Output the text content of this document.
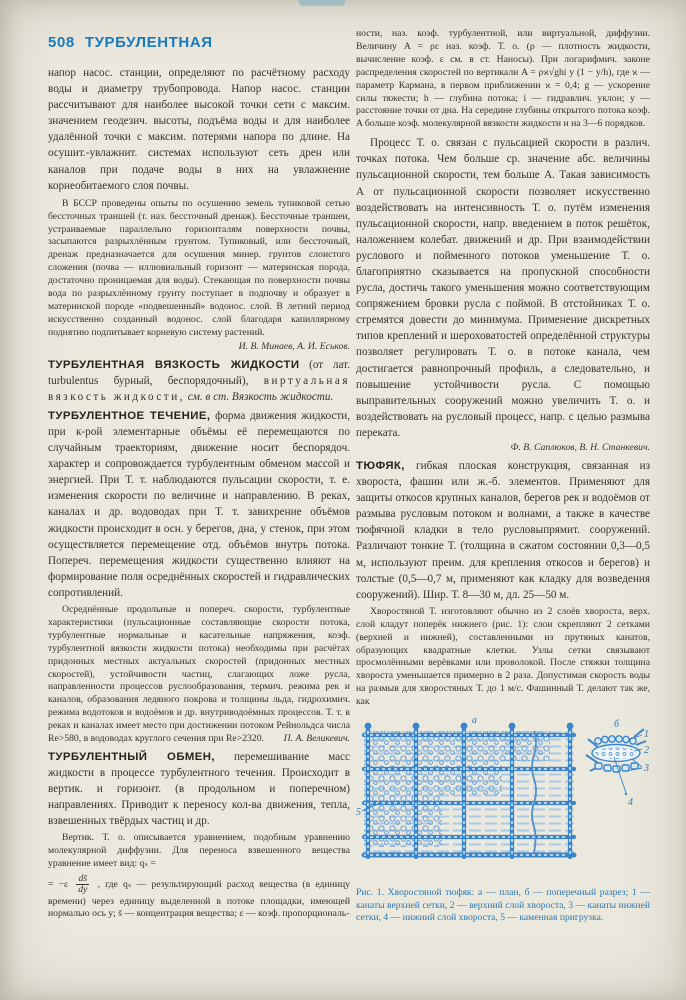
508 ТУРБУЛЕНТНАЯ

напор насос. станции, определяют по расчётному расходу воды и диаметру трубопровода. Напор насос. станции рассчитывают для наиболее высокой точки сети с максим. значением геодезич. высоты, подъёма воды и для наиболее удалённой точки с максим. потерями напора по длине. На осушит.-увлажнит. системах используют сеть дрен или каналов при подаче воды в них на увлажнение корнеобитаемого слоя почвы.

В БССР проведены опыты по осушению земель тупиковой сетью бессточных траншей (т. наз. бессточный дренаж). Бессточные траншеи, устраиваемые параллельно горизонталям поверхности почвы, засыпаются разрыхлённым грунтом. Тупиковый, или бессточный, дренаж предназначается для осушения минер. грунтов слоистого сложения (почва — иллювиальный горизонт — материнская порода, достаточно проницаемая для воды). Стекающая по поверхности почвы вода по разрыхлённому грунту поступает в подпочву и образует в материнской породе «подвешенный» водонос. слой. В летний период искусственно созданный водонос. слой благодаря капиллярному поднятию подпитывает корневую систему растений.

И. В. Минаев, А. И. Еськов.

ТУРБУЛЕНТНАЯ ВЯЗКОСТЬ ЖИДКОСТИ (от лат. turbulentus бурный, беспорядочный), виртуальная вязкость жидкости, см. в ст. Вязкость жидкости.

ТУРБУЛЕНТНОЕ ТЕЧЕНИЕ, форма движения жидкости, при к-рой элементарные объёмы её перемещаются по случайным траекториям, движение носит беспорядоч. характер и сопровождается турбулентным обменом массой и энергией. При Т. т. наблюдаются пульсации скорости, т. е. изменения скорости по величине и направлению. В реках, каналах и др. водоводах при Т. т. завихрение объёмов жидкости происходит в осн. у берегов, дна, у стенок, при этом осуществляется перемещение отд. объёмов внутрь потока. Попереч. перемещения жидкости существенно влияют на формирование поля осреднённых скоростей и гидравлических сопротивлений.

Осреднённые продольные и попереч. скорости, турбулентные характеристики (пульсационные составляющие скорости потока, турбулентные нормальные и касательные напряжения, коэф. турбулентной вязкости жидкости потока) необходимы при расчётах придонных местных актуальных скоростей (придонных местных скоростей), устойчивости частиц, слагающих ложе русла, направленности процессов руслообразования, термич. режима рек и каналов, образования ледяного покрова и толщины льда, гидрохимич. режима водотоков и водоёмов и др. внутриводоёмных процессов. Т. т. в реках и каналах имеет место при достижении потоком Рейнольдса числа Re>580, в водоводах круглого сечения при Re>2320.	П. А. Великевич.

ТУРБУЛЕНТНЫЙ ОБМЕН, перемешивание масс жидкости в процессе турбулентного течения. Происходит в вертик. и горизонт. (в продольном и поперечном) направлениях. Приводит к переносу кол-ва движения, тепла, взвешенных твёрдых частиц и др.

Вертик. Т. о. описывается уравнением, подобным уравнению молекулярной диффузии. Для переноса взвешенного вещества уравнение имеет вид: qₛ =

= $-\varepsilon \frac{ds̄}{dy}$ , где qₛ — результирующий расход вещества (в единицу времени) через единицу выделенной в потоке площадки, имеющей нормалью ось y; s̄ — концентрация вещества; ε — коэф. пропорциональ-

ности, наз. коэф. турбулентной, или виртуальной, диффузии. Величину A = ρε наз. коэф. Т. о. (ρ — плотность жидкости, вычисление коэф. ε см. в ст. Наносы). При логарифмич. законе распределения скоростей по вертикали A = ρϰ√ghi y (1 − y/h), где ϰ — параметр Кармана, в первом приближении ϰ = 0,4; g — ускорение силы тяжести; h — глубина потока; i — гидравлич. уклон; y — расстояние точки от дна. На середине глубины открытого потока коэф. A больше коэф. молекулярной вязкости жидкости и на 3—6 порядков.

Процесс Т. о. связан с пульсацией скорости в различ. точках потока. Чем больше ср. значение абс. величины пульсационной скорости, тем больше A. Такая зависимость A от пульсационной скорости позволяет искусственно воздействовать на интенсивность Т. о. путём изменения пульсационной скорости, напр. введением в поток решёток, наложением колебат. движений и др. При взаимодействии руслового и пойменного потоков уменьшение Т. о. благоприятно сказывается на пропускной способности русла, достичь такого уменьшения можно соответствующим сопряжением бровки русла с поймой. В отстойниках Т. о. стремятся довести до минимума. Применение дискретных типов креплений и шероховатостей определённой структуры позволяет регулировать Т. о. в потоке канала, чем достигается равнопрочный профиль, а следовательно, и повышение устойчивости русла. С помощью выправительных сооружений можно увеличить Т. о. и воздействовать на русловый процесс, напр. с целью размыва переката.

Ф. В. Саплюков, В. Н. Станкевич.

ТЮФЯК, гибкая плоская конструкция, связанная из хвороста, фашин или ж.-б. элементов. Применяют для защиты откосов крупных каналов, берегов рек и водоёмов от размыва русловым потоком и волнами, а также в качестве тюфячной кладки в тело русловыпрямит. сооружений. Различают тонкие Т. (толщина в сжатом состоянии 0,3—0,5 м, используют преим. для крепления откосов и берегов) и толстые (0,5—0,7 м, применяют как кладку для возведения сооружений). Шир. Т. 8—30 м, дл. 25—50 м.

Хворостяной Т. изготовляют обычно из 2 слоёв хвороста, верх. слой кладут поперёк нижнего (рис. 1): слои скрепляют 2 сетками (верхней и нижней), составленными из прутяных канатов, образующих квадратные клетки. Узлы сетки связывают просмолёнными верёвками или проволокой. После стяжки толщина хвороста уменьшается примерно в 2 раза. Допустимая скорость воды на размыв для хворостяных Т. до 1 м/с. Фашинный Т. делают так же, как

а
5
б
1
2
3
4

Рис. 1. Хворостяной тюфяк: а — план, б — поперечный разрез; 1 — канаты верхней сетки, 2 — верхний слой хвороста, 3 — канаты нижней сетки, 4 — нижний слой хвороста, 5 — каменная пригрузка.
